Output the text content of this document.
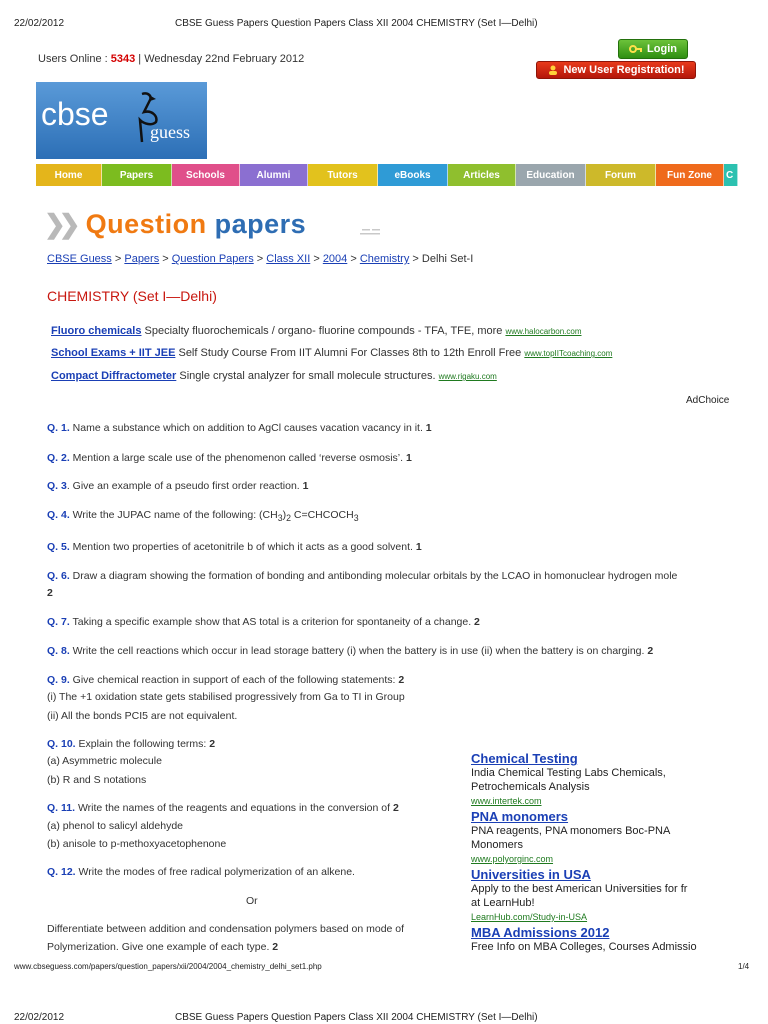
22/02/2012	CBSE Guess Papers Question Papers Class XII 2004 CHEMISTRY (Set I—Delhi)
Users Online : 5343 | Wednesday 22nd February 2012
Login
New User Registration!
cbse guess
Home	Papers	Schools	Alumni	Tutors	eBooks	Articles	Education	Forum	Fun Zone	C
❯❯ Question papers
CBSE Guess > Papers > Question Papers > Class XII > 2004 > Chemistry > Delhi Set-I
CHEMISTRY (Set I—Delhi)
Fluoro chemicals Specialty fluorochemicals / organo- fluorine compounds - TFA, TFE, more www.halocarbon.com
School Exams + IIT JEE Self Study Course From IIT Alumni For Classes 8th to 12th Enroll Free www.topIITcoaching.com
Compact Diffractometer Single crystal analyzer for small molecule structures. www.rigaku.com
AdChoice
Q. 1. Name a substance which on addition to AgCl causes vacation vacancy in it. 1
Q. 2. Mention a large scale use of the phenomenon called ‘reverse osmosis’. 1
Q. 3. Give an example of a pseudo first order reaction. 1
Q. 4. Write the JUPAC name of the following: $(CH_3)_2$ $C=CHCOCH_3$
Q. 5. Mention two properties of acetonitrile b of which it acts as a good solvent. 1
Q. 6. Draw a diagram showing the formation of bonding and antibonding molecular orbitals by the LCAO in homonuclear hydrogen mole
2
Q. 7. Taking a specific example show that AS total is a criterion for spontaneity of a change. 2
Q. 8. Write the cell reactions which occur in lead storage battery (i) when the battery is in use (ii) when the battery is on charging. 2
Q. 9. Give chemical reaction in support of each of the following statements: 2
(i) The +1 oxidation state gets stabilised progressively from Ga to TI in Group
(ii) All the bonds PCI5 are not equivalent.
Q. 10. Explain the following terms: 2
(a) Asymmetric molecule
(b) R and S notations
Q. 11. Write the names of the reagents and equations in the conversion of 2
(a) phenol to salicyl aldehyde
(b) anisole to p-methoxyacetophenone
Q. 12. Write the modes of free radical polymerization of an alkene.
Or
Differentiate between addition and condensation polymers based on mode of
Polymerization. Give one example of each type. 2
Chemical Testing
India Chemical Testing Labs Chemicals,
Petrochemicals Analysis
www.intertek.com
PNA monomers
PNA reagents, PNA monomers Boc-PNA
Monomers
www.polyorginc.com
Universities in USA
Apply to the best American Universities for fr
at LearnHub!
LearnHub.com/Study-in-USA
MBA Admissions 2012
Free Info on MBA Colleges, Courses Admissio
www.cbseguess.com/papers/question_papers/xii/2004/2004_chemistry_delhi_set1.php	1/4
22/02/2012	CBSE Guess Papers Question Papers Class XII 2004 CHEMISTRY (Set I—Delhi)
